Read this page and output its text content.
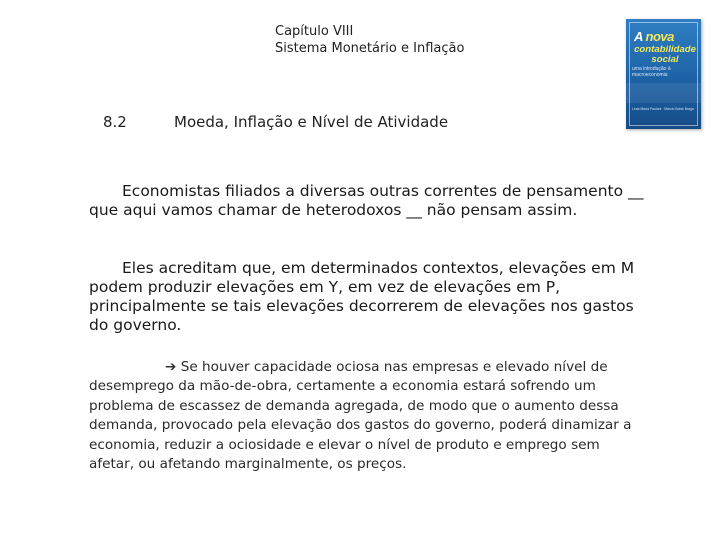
Capítulo VIII
Sistema Monetário e Inflação
A nova
contabilidade social
uma introdução à macroeconomia
Leda Maria Paulani · Márcio Bobik Braga
8.2	Moeda, Inflação e Nível de Atividade
Economistas filiados a diversas outras correntes de pensamento __ que aqui vamos chamar de heterodoxos __ não pensam assim.
Eles acreditam que, em determinados contextos, elevações em M podem produzir elevações em Y, em vez de elevações em P, principalmente se tais elevações decorrerem de elevações nos gastos do governo.
➔ Se houver capacidade ociosa nas empresas e elevado nível de desemprego da mão-de-obra, certamente a economia estará sofrendo um problema de escassez de demanda agregada, de modo que o aumento dessa demanda, provocado pela elevação dos gastos do governo, poderá dinamizar a economia, reduzir a ociosidade e elevar o nível de produto e emprego sem afetar, ou afetando marginalmente, os preços.
